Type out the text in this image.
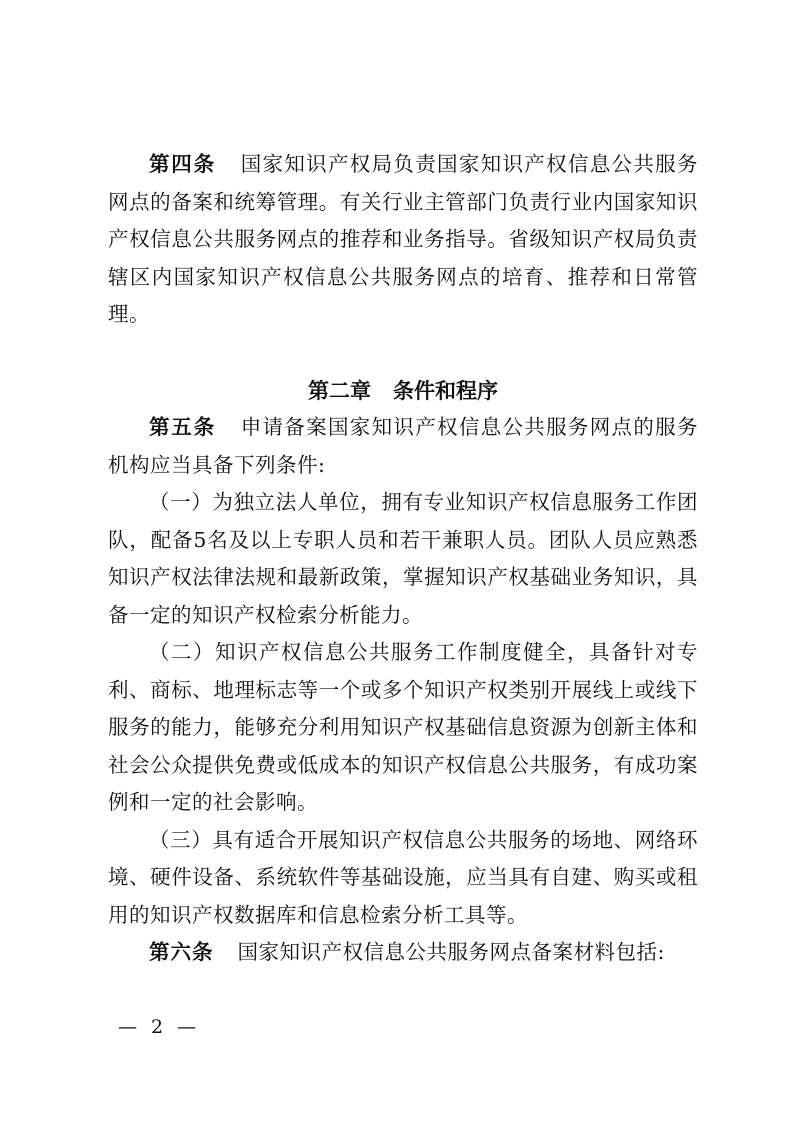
第四条 国家知识产权局负责国家知识产权信息公共服务网点的备案和统筹管理。有关行业主管部门负责行业内国家知识产权信息公共服务网点的推荐和业务指导。省级知识产权局负责辖区内国家知识产权信息公共服务网点的培育、推荐和日常管理。

第二章 条件和程序

第五条 申请备案国家知识产权信息公共服务网点的服务机构应当具备下列条件:

（一）为独立法人单位，拥有专业知识产权信息服务工作团队，配备5名及以上专职人员和若干兼职人员。团队人员应熟悉知识产权法律法规和最新政策，掌握知识产权基础业务知识，具备一定的知识产权检索分析能力。

（二）知识产权信息公共服务工作制度健全，具备针对专利、商标、地理标志等一个或多个知识产权类别开展线上或线下服务的能力，能够充分利用知识产权基础信息资源为创新主体和社会公众提供免费或低成本的知识产权信息公共服务，有成功案例和一定的社会影响。

（三）具有适合开展知识产权信息公共服务的场地、网络环境、硬件设备、系统软件等基础设施，应当具有自建、购买或租用的知识产权数据库和信息检索分析工具等。

第六条 国家知识产权信息公共服务网点备案材料包括:

— 2 —
